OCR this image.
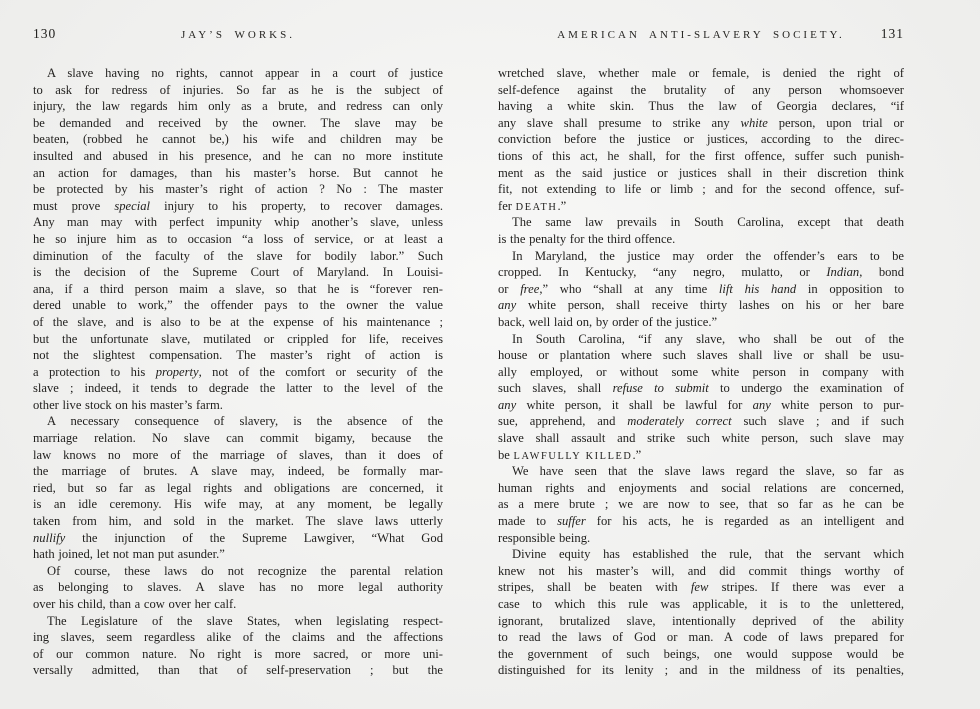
130	JAY’S WORKS.
A slave having no rights, cannot appear in a court of justice
to ask for redress of injuries. So far as he is the subject of
injury, the law regards him only as a brute, and redress can only
be demanded and received by the owner. The slave may be
beaten, (robbed he cannot be,) his wife and children may be
insulted and abused in his presence, and he can no more institute
an action for damages, than his master’s horse. But cannot he
be protected by his master’s right of action ? No : The master
must prove special injury to his property, to recover damages.
Any man may with perfect impunity whip another’s slave, unless
he so injure him as to occasion “a loss of service, or at least a
diminution of the faculty of the slave for bodily labor.” Such
is the decision of the Supreme Court of Maryland. In Louisi-
ana, if a third person maim a slave, so that he is “forever ren-
dered unable to work,” the offender pays to the owner the value
of the slave, and is also to be at the expense of his maintenance ;
but the unfortunate slave, mutilated or crippled for life, receives
not the slightest compensation. The master’s right of action is
a protection to his property, not of the comfort or security of the
slave ; indeed, it tends to degrade the latter to the level of the
other live stock on his master’s farm.
A necessary consequence of slavery, is the absence of the
marriage relation. No slave can commit bigamy, because the
law knows no more of the marriage of slaves, than it does of
the marriage of brutes. A slave may, indeed, be formally mar-
ried, but so far as legal rights and obligations are concerned, it
is an idle ceremony. His wife may, at any moment, be legally
taken from him, and sold in the market. The slave laws utterly
nullify the injunction of the Supreme Lawgiver, “What God
hath joined, let not man put asunder.”
Of course, these laws do not recognize the parental relation
as belonging to slaves. A slave has no more legal authority
over his child, than a cow over her calf.
The Legislature of the slave States, when legislating respect-
ing slaves, seem regardless alike of the claims and the affections
of our common nature. No right is more sacred, or more uni-
versally admitted, than that of self-preservation ; but the
AMERICAN ANTI-SLAVERY SOCIETY.	131
wretched slave, whether male or female, is denied the right of
self-defence against the brutality of any person whomsoever
having a white skin. Thus the law of Georgia declares, “if
any slave shall presume to strike any white person, upon trial or
conviction before the justice or justices, according to the direc-
tions of this act, he shall, for the first offence, suffer such punish-
ment as the said justice or justices shall in their discretion think
fit, not extending to life or limb ; and for the second offence, suf-
fer DEATH.”
The same law prevails in South Carolina, except that death
is the penalty for the third offence.
In Maryland, the justice may order the offender’s ears to be
cropped. In Kentucky, “any negro, mulatto, or Indian, bond
or free,” who “shall at any time lift his hand in opposition to
any white person, shall receive thirty lashes on his or her bare
back, well laid on, by order of the justice.”
In South Carolina, “if any slave, who shall be out of the
house or plantation where such slaves shall live or shall be usu-
ally employed, or without some white person in company with
such slaves, shall refuse to submit to undergo the examination of
any white person, it shall be lawful for any white person to pur-
sue, apprehend, and moderately correct such slave ; and if such
slave shall assault and strike such white person, such slave may
be LAWFULLY KILLED.”
We have seen that the slave laws regard the slave, so far as
human rights and enjoyments and social relations are concerned,
as a mere brute ; we are now to see, that so far as he can be
made to suffer for his acts, he is regarded as an intelligent and
responsible being.
Divine equity has established the rule, that the servant which
knew not his master’s will, and did commit things worthy of
stripes, shall be beaten with few stripes. If there was ever a
case to which this rule was applicable, it is to the unlettered,
ignorant, brutalized slave, intentionally deprived of the ability
to read the laws of God or man. A code of laws prepared for
the government of such beings, one would suppose would be
distinguished for its lenity ; and in the mildness of its penalties,
